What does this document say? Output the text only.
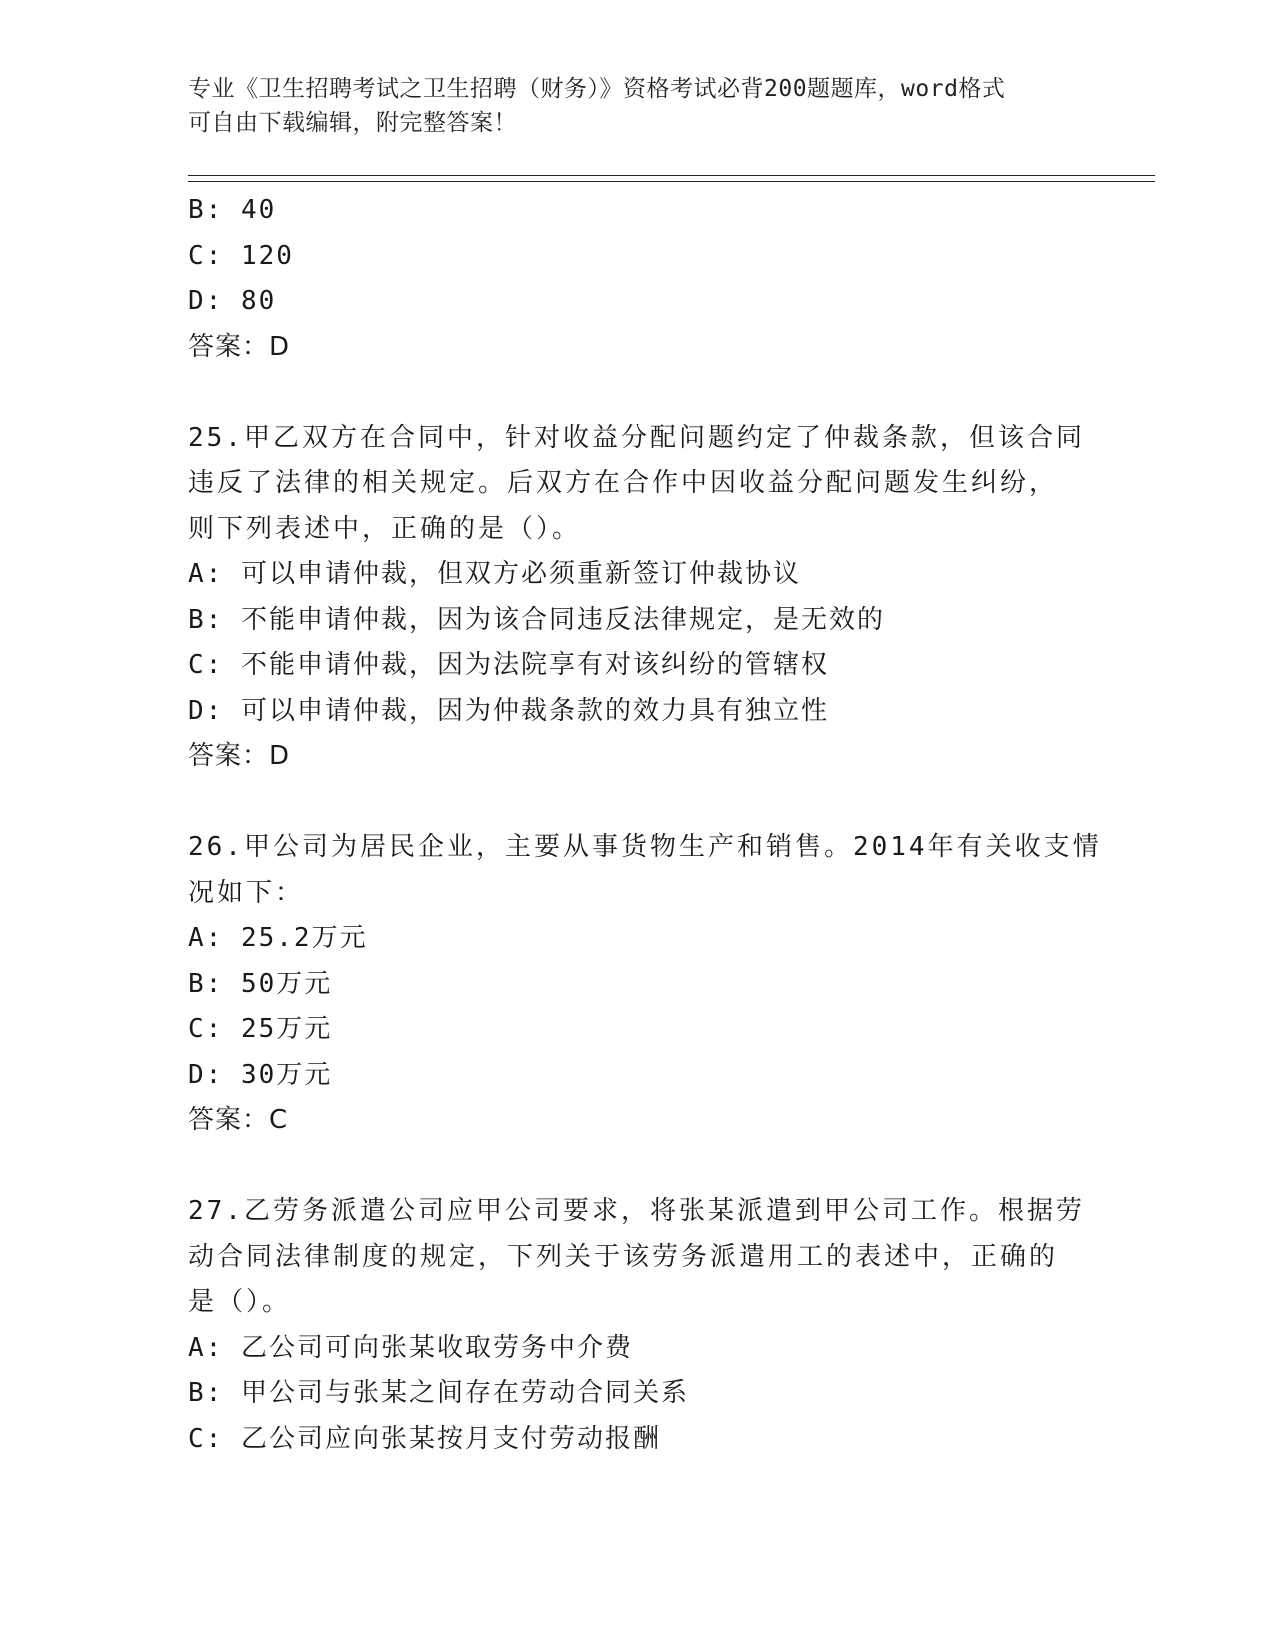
专业《卫生招聘考试之卫生招聘（财务）》资格考试必背200题题库，word格式
可自由下载编辑，附完整答案！
B: 40
C: 120
D: 80
答案：D
25.甲乙双方在合同中，针对收益分配问题约定了仲裁条款，但该合同
违反了法律的相关规定。后双方在合作中因收益分配问题发生纠纷，
则下列表述中，正确的是（）。
A: 可以申请仲裁，但双方必须重新签订仲裁协议
B: 不能申请仲裁，因为该合同违反法律规定，是无效的
C: 不能申请仲裁，因为法院享有对该纠纷的管辖权
D: 可以申请仲裁，因为仲裁条款的效力具有独立性
答案：D
26.甲公司为居民企业，主要从事货物生产和销售。2014年有关收支情
况如下：
A: 25.2万元
B: 50万元
C: 25万元
D: 30万元
答案：C
27.乙劳务派遣公司应甲公司要求，将张某派遣到甲公司工作。根据劳
动合同法律制度的规定，下列关于该劳务派遣用工的表述中，正确的
是（）。
A: 乙公司可向张某收取劳务中介费
B: 甲公司与张某之间存在劳动合同关系
C: 乙公司应向张某按月支付劳动报酬
